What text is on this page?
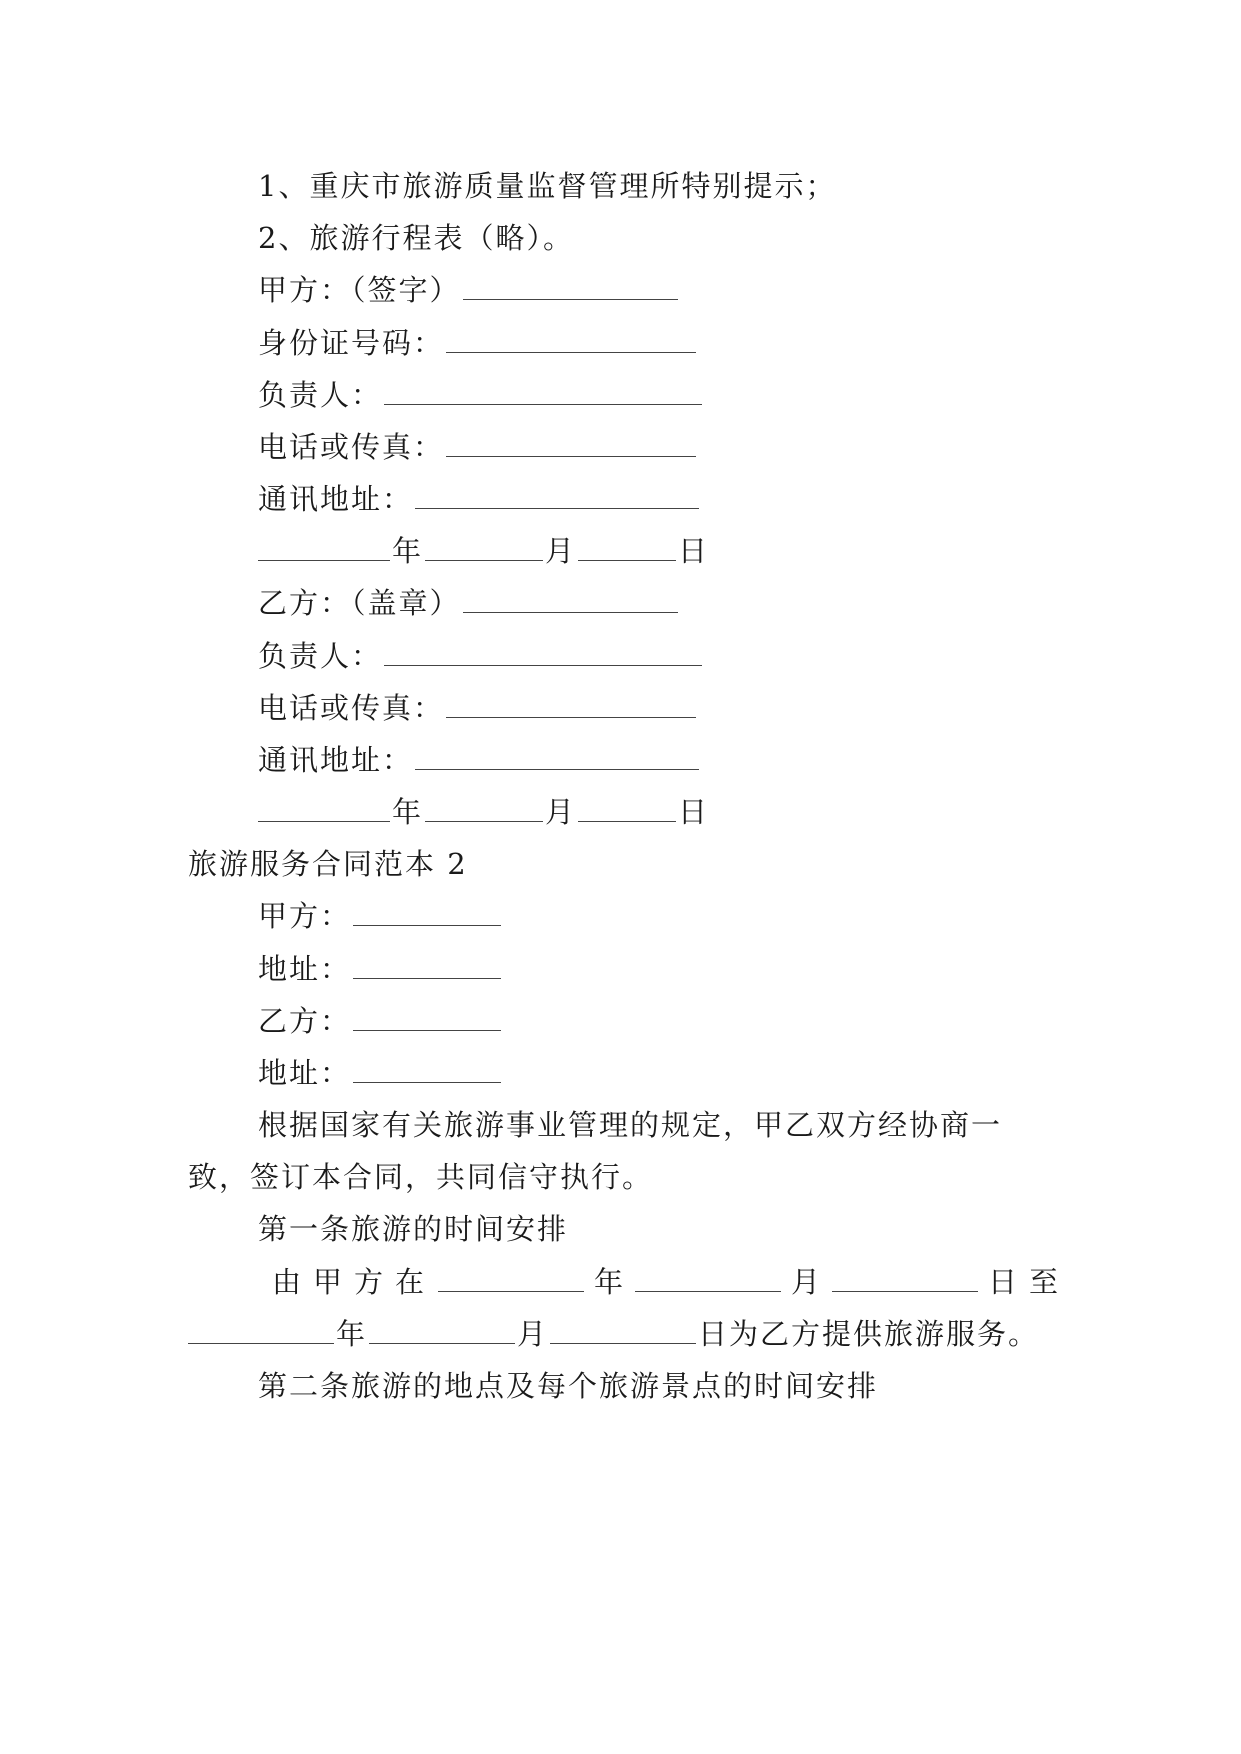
1、重庆市旅游质量监督管理所特别提示；
2、旅游行程表（略）。
甲方：（签字）
身份证号码：
负责人：
电话或传真：
通讯地址：
年	月	日
乙方：（盖章）
负责人：
电话或传真：
通讯地址：
年	月	日
旅游服务合同范本 2
甲方：
地址：
乙方：
地址：
根据国家有关旅游事业管理的规定，甲乙双方经协商一
致，签订本合同，共同信守执行。
第一条旅游的时间安排
由甲方在	年	月	日至
年	月	日为乙方提供旅游服务。
第二条旅游的地点及每个旅游景点的时间安排
